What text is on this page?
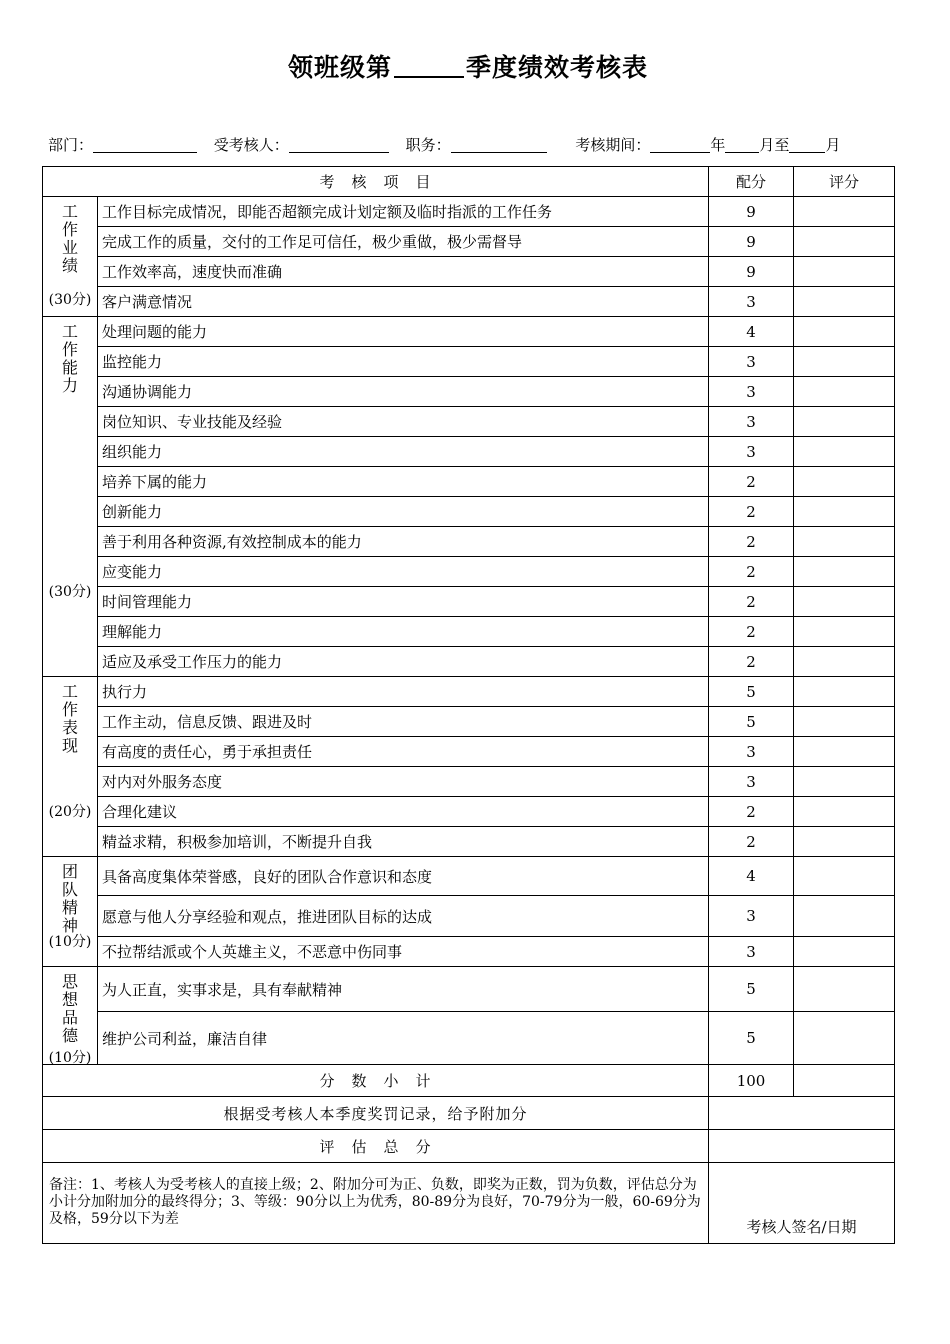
领班级第	季度绩效考核表
部门：	受考核人：	职务：	考核期间：	年 月至 月
考　核　项　目		配分	评分

工作业绩
(30分)	工作目标完成情况，即能否超额完成计划定额及临时指派的工作任务	9	
	完成工作的质量，交付的工作足可信任，极少重做，极少需督导	9	
	工作效率高，速度快而准确	9	
	客户满意情况	3	

工作能力
(30分)	处理问题的能力	4	
	监控能力	3	
	沟通协调能力	3	
	岗位知识、专业技能及经验	3	
	组织能力	3	
	培养下属的能力	2	
	创新能力	2	
	善于利用各种资源,有效控制成本的能力	2	
	应变能力	2	
	时间管理能力	2	
	理解能力	2	
	适应及承受工作压力的能力	2	

工作表现
(20分)	执行力	5	
	工作主动，信息反馈、跟进及时	5	
	有高度的责任心，勇于承担责任	3	
	对内对外服务态度	3	
	合理化建议	2	
	精益求精，积极参加培训，不断提升自我	2	

团队精神
(10分)	具备高度集体荣誉感，良好的团队合作意识和态度	4	
	愿意与他人分享经验和观点，推进团队目标的达成	3	
	不拉帮结派或个人英雄主义，不恶意中伤同事	3	

思想品德
(10分)	为人正直，实事求是，具有奉献精神	5	
	维护公司利益，廉洁自律	5	
分　数　小　计		100	
根据受考核人本季度奖罚记录，给予附加分			
评　估　总　分			
备注：1、考核人为受考核人的直接上级；2、附加分可为正、负数，即奖为正数，罚为负数，评估总分为小计分加附加分的最终得分；3、等级：90分以上为优秀，80-89分为良好，70-79分为一般，60-69分为及格，59分以下为差		考核人签名/日期	
